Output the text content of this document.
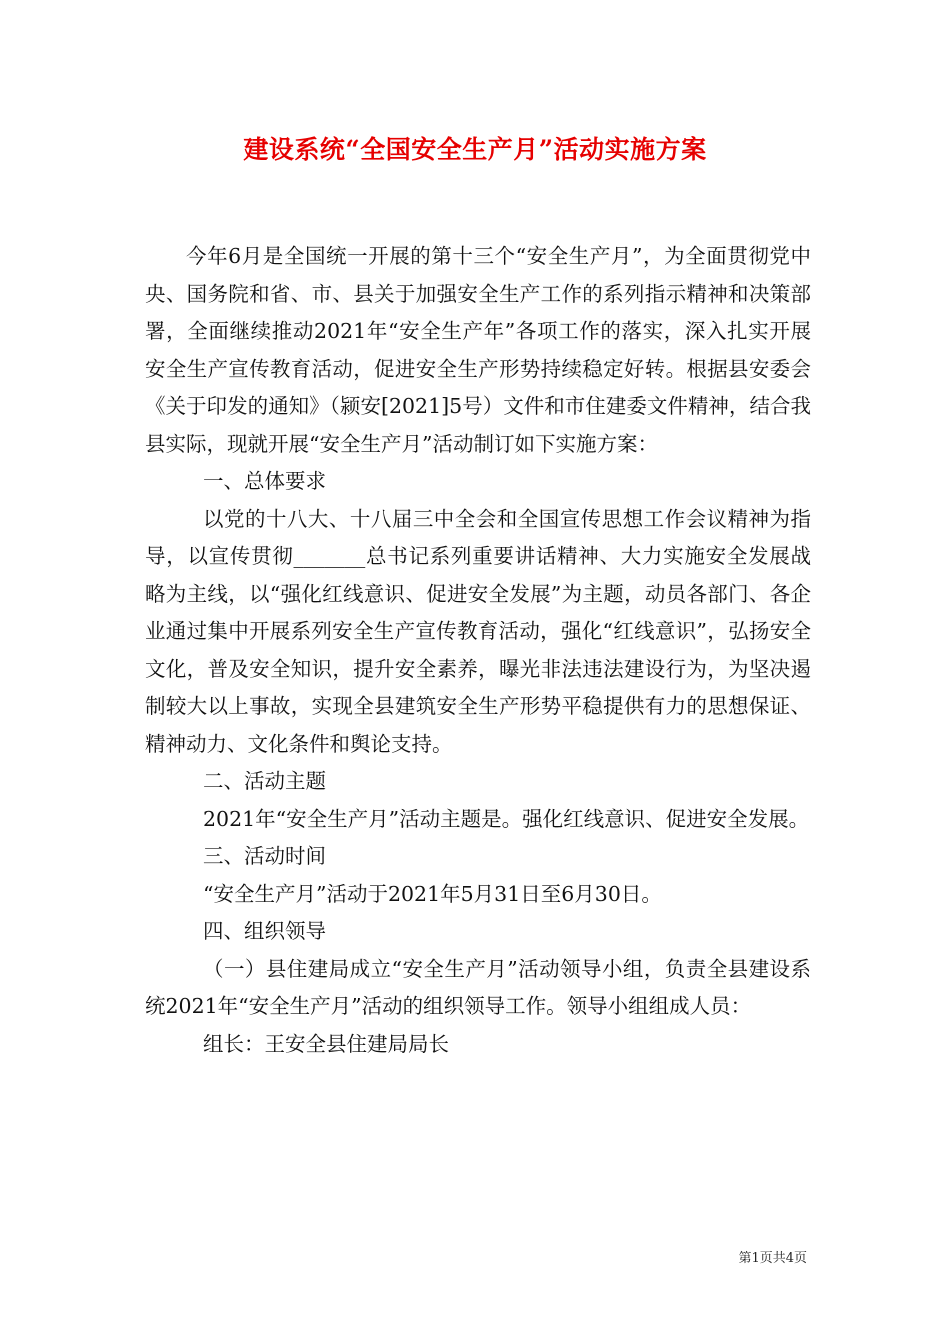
建设系统“全国安全生产月”活动实施方案

今年6月是全国统一开展的第十三个“安全生产月”，为全面贯彻党中央、国务院和省、市、县关于加强安全生产工作的系列指示精神和决策部署，全面继续推动2021年“安全生产年”各项工作的落实，深入扎实开展安全生产宣传教育活动，促进安全生产形势持续稳定好转。根据县安委会《关于印发的通知》（颍安[2021]5号）文件和市住建委文件精神，结合我县实际，现就开展“安全生产月”活动制订如下实施方案：

一、总体要求

以党的十八大、十八届三中全会和全国宣传思想工作会议精神为指导，以宣传贯彻_______总书记系列重要讲话精神、大力实施安全发展战略为主线，以“强化红线意识、促进安全发展”为主题，动员各部门、各企业通过集中开展系列安全生产宣传教育活动，强化“红线意识”，弘扬安全文化，普及安全知识，提升安全素养，曝光非法违法建设行为，为坚决遏制较大以上事故，实现全县建筑安全生产形势平稳提供有力的思想保证、精神动力、文化条件和舆论支持。

二、活动主题

2021年“安全生产月”活动主题是。强化红线意识、促进安全发展。

三、活动时间

“安全生产月”活动于2021年5月31日至6月30日。

四、组织领导

（一）县住建局成立“安全生产月”活动领导小组，负责全县建设系统2021年“安全生产月”活动的组织领导工作。领导小组组成人员：

组长：王安全县住建局局长

第1页共4页
